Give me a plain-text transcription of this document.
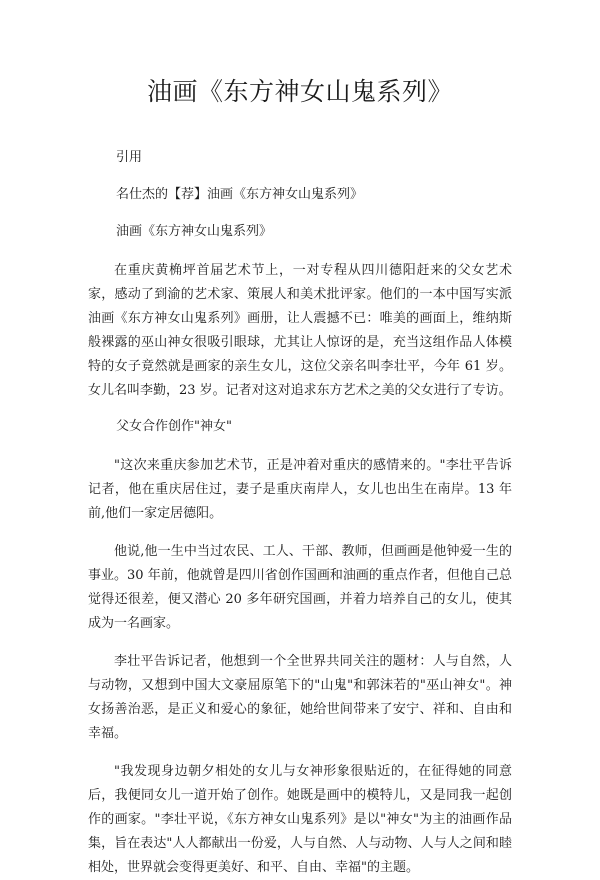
油画《东方神女山鬼系列》
引用
名仕杰的【荐】油画《东方神女山鬼系列》
油画《东方神女山鬼系列》

在重庆黄桷坪首届艺术节上，一对专程从四川德阳赶来的父女艺术家，感动了到渝的艺术家、策展人和美术批评家。他们的一本中国写实派油画《东方神女山鬼系列》画册，让人震撼不已：唯美的画面上，维纳斯般裸露的巫山神女很吸引眼球，尤其让人惊讶的是，充当这组作品人体模特的女子竟然就是画家的亲生女儿，这位父亲名叫李壮平，今年 61 岁。女儿名叫李勤，23 岁。记者对这对追求东方艺术之美的父女进行了专访。

父女合作创作"神女"

"这次来重庆参加艺术节，正是冲着对重庆的感情来的。"李壮平告诉记者，他在重庆居住过，妻子是重庆南岸人，女儿也出生在南岸。13 年前,他们一家定居德阳。

他说,他一生中当过农民、工人、干部、教师，但画画是他钟爱一生的事业。30 年前，他就曾是四川省创作国画和油画的重点作者，但他自己总觉得还很差，便又潜心 20 多年研究国画，并着力培养自己的女儿，使其成为一名画家。

李壮平告诉记者，他想到一个全世界共同关注的题材：人与自然，人与动物，又想到中国大文豪屈原笔下的"山鬼"和郭沫若的"巫山神女"。神女扬善治恶，是正义和爱心的象征，她给世间带来了安宁、祥和、自由和幸福。

"我发现身边朝夕相处的女儿与女神形象很贴近的，在征得她的同意后，我便同女儿一道开始了创作。她既是画中的模特儿，又是同我一起创作的画家。"李壮平说，《东方神女山鬼系列》是以"神女"为主的油画作品集，旨在表达"人人都献出一份爱，人与自然、人与动物、人与人之间和睦相处，世界就会变得更美好、和平、自由、幸福"的主题。
